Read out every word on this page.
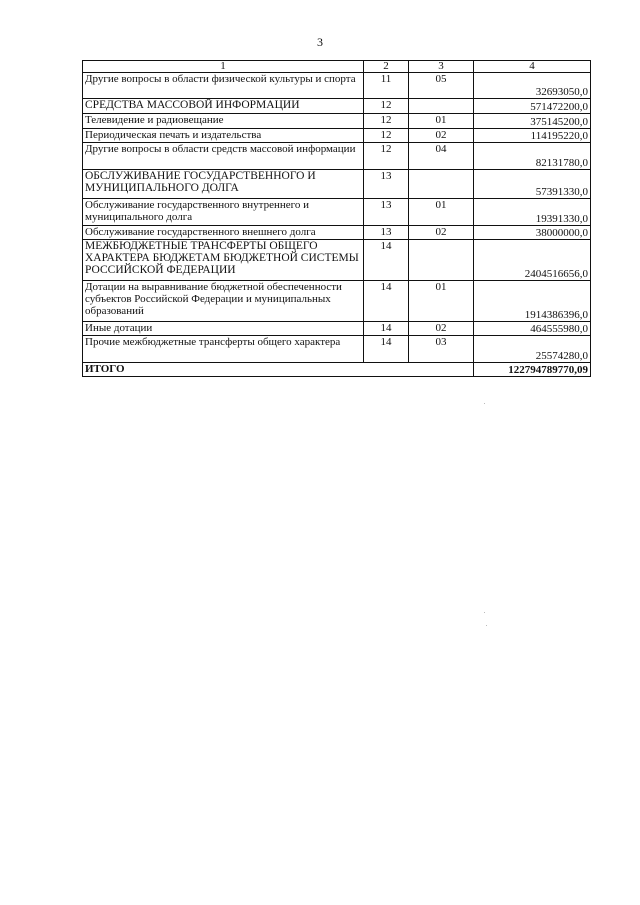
3
1	2	3	4
Другие вопросы в области физической культуры и спорта	11	05	32693050,0
СРЕДСТВА МАССОВОЙ ИНФОРМАЦИИ	12		571472200,0
Телевидение и радиовещание	12	01	375145200,0
Периодическая печать и издательства	12	02	114195220,0
Другие вопросы в области средств массовой информации	12	04	82131780,0
ОБСЛУЖИВАНИЕ ГОСУДАРСТВЕННОГО И МУНИЦИПАЛЬНОГО ДОЛГА	13		57391330,0
Обслуживание государственного внутреннего и муниципального долга	13	01	19391330,0
Обслуживание государственного внешнего долга	13	02	38000000,0
МЕЖБЮДЖЕТНЫЕ ТРАНСФЕРТЫ ОБЩЕГО ХАРАКТЕРА БЮДЖЕТАМ БЮДЖЕТНОЙ СИСТЕМЫ РОССИЙСКОЙ ФЕДЕРАЦИИ	14		2404516656,0
Дотации на выравнивание бюджетной обеспеченности субъектов Российской Федерации и муниципальных образований	14	01	1914386396,0
Иные дотации	14	02	464555980,0
Прочие межбюджетные трансферты общего характера	14	03	25574280,0
ИТОГО			122794789770,09
